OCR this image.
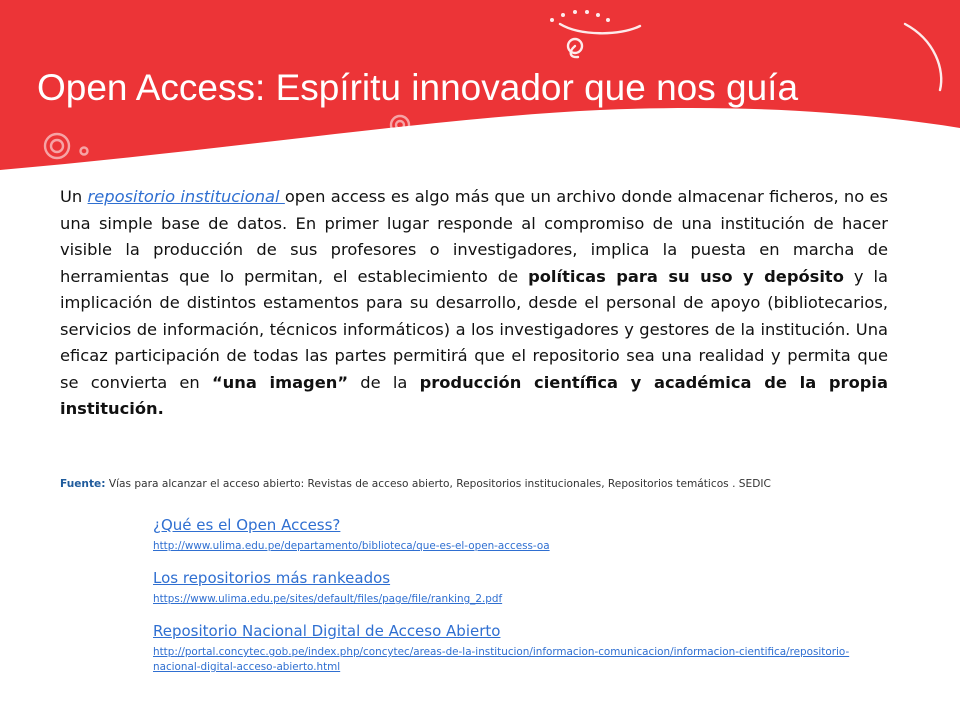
Open Access: Espíritu innovador que nos guía

Un repositorio institucional open access es algo más que un archivo donde almacenar ficheros, no es una simple base de datos. En primer lugar responde al compromiso de una institución de hacer visible la producción de sus profesores o investigadores, implica la puesta en marcha de herramientas que lo permitan, el establecimiento de políticas para su uso y depósito y la implicación de distintos estamentos para su desarrollo, desde el personal de apoyo (bibliotecarios, servicios de información, técnicos informáticos) a los investigadores y gestores de la institución. Una eficaz participación de todas las partes permitirá que el repositorio sea una realidad y permita que se convierta en “una imagen” de la producción científica y académica de la propia institución.

Fuente: Vías para alcanzar el acceso abierto: Revistas de acceso abierto, Repositorios institucionales, Repositorios temáticos . SEDIC

¿Qué es el Open Access?
http://www.ulima.edu.pe/departamento/biblioteca/que-es-el-open-access-oa
Los repositorios más rankeados
https://www.ulima.edu.pe/sites/default/files/page/file/ranking_2.pdf
Repositorio Nacional Digital de Acceso Abierto
http://portal.concytec.gob.pe/index.php/concytec/areas-de-la-institucion/informacion-comunicacion/informacion-cientifica/repositorio-nacional-digital-acceso-abierto.html
